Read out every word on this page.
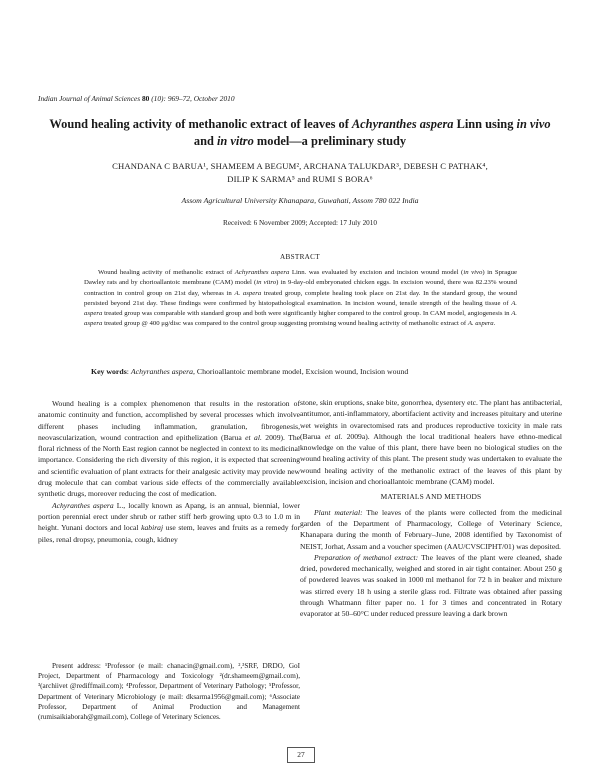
Indian Journal of Animal Sciences 80 (10): 969–72, October 2010
Wound healing activity of methanolic extract of leaves of Achyranthes aspera Linn using in vivo and in vitro model—a preliminary study
CHANDANA C BARUA¹, SHAMEEM A BEGUM², ARCHANA TALUKDAR³, DEBESH C PATHAK⁴,
DILIP K SARMA⁵ and RUMI S BORA⁶
Assom Agricultural University Khanapara, Guwahati, Assom 780 022 India
Received: 6 November 2009; Accepted: 17 July 2010
ABSTRACT

Wound healing activity of methanolic extract of Achyranthes aspera Linn. was evaluated by excision and incision wound model (in vivo) in Sprague Dawley rats and by chorioallantoic membrane (CAM) model (in vitro) in 9-day-old embryonated chicken eggs. In excision wound, there was 82.23% wound contraction in control group on 21st day, whereas in A. aspera treated group, complete healing took place on 21st day. In the standard group, the wound persisted beyond 21st day. These findings were confirmed by histopathological examination. In incision wound, tensile strength of the healing tissue of A. aspera treated group was comparable with standard group and both were significantly higher compared to the control group. In CAM model, angiogenesis in A. aspera treated group @ 400 μg/disc was compared to the control group suggesting promising wound healing activity of methanolic extract of A. aspera.

Key words: Achyranthes aspera, Chorioallantoic membrane model, Excision wound, Incision wound

Wound healing is a complex phenomenon that results in the restoration of anatomic continuity and function, accomplished by several processes which involve different phases including inflammation, granulation, fibrogenesis, neovascularization, wound contraction and epithelization (Barua et al. 2009). The floral richness of the North East region cannot be neglected in context to its medicinal importance. Considering the rich diversity of this region, it is expected that screening and scientific evaluation of plant extracts for their analgesic activity may provide new drug molecule that can combat various side effects of the commercially available synthetic drugs, moreover reducing the cost of medication.

Achyranthes aspera L., locally known as Apang, is an annual, biennial, lower portion perennial erect under shrub or rather stiff herb growing upto 0.3 to 1.0 m in height. Yunani doctors and local kabiraj use stem, leaves and fruits as a remedy for piles, renal dropsy, pneumonia, cough, kidney

Present address: ¹Professor (e mail: chanacin@gmail.com), ²,³SRF, DRDO, GoI Project, Department of Pharmacology and Toxicology ²(dr.shameem@gmail.com), ³(archiivet @rediffmail.com); ⁴Professor, Department of Veterinary Pathology; ⁵Professor, Department of Veterinary Microbiology (e mail: dksarma1956@gmail.com); ⁶Associate Professor, Department of Animal Production and Management (rumisaikiaborah@gmail.com), College of Veterinary Sciences.

stone, skin eruptions, snake bite, gonorrhea, dysentery etc. The plant has antibacterial, antitumor, anti-inflammatory, abortifacient activity and increases pituitary and uterine wet weights in ovarectomised rats and produces reproductive toxicity in male rats (Barua et al. 2009a). Although the local traditional healers have ethno-medical knowledge on the value of this plant, there have been no biological studies on the wound healing activity of this plant. The present study was undertaken to evaluate the wound healing activity of the methanolic extract of the leaves of this plant by excision, incision and chorioallantoic membrane (CAM) model.

MATERIALS AND METHODS

Plant material: The leaves of the plants were collected from the medicinal garden of the Department of Pharmacology, College of Veterinary Science, Khanapara during the month of February–June, 2008 identified by Taxonomist of NEIST, Jorhat, Assam and a voucher specimen (AAU/CVSCIPHT/01) was deposited.

Preparation of methanol extract: The leaves of the plant were cleaned, shade dried, powdered mechanically, weighed and stored in air tight container. About 250 g of powdered leaves was soaked in 1000 ml methanol for 72 h in beaker and mixture was stirred every 18 h using a sterile glass rod. Filtrate was obtained after passing through Whatmann filter paper no. 1 for 3 times and concentrated in Rotary evaporator at 50–60°C under reduced pressure leaving a dark brown

27
